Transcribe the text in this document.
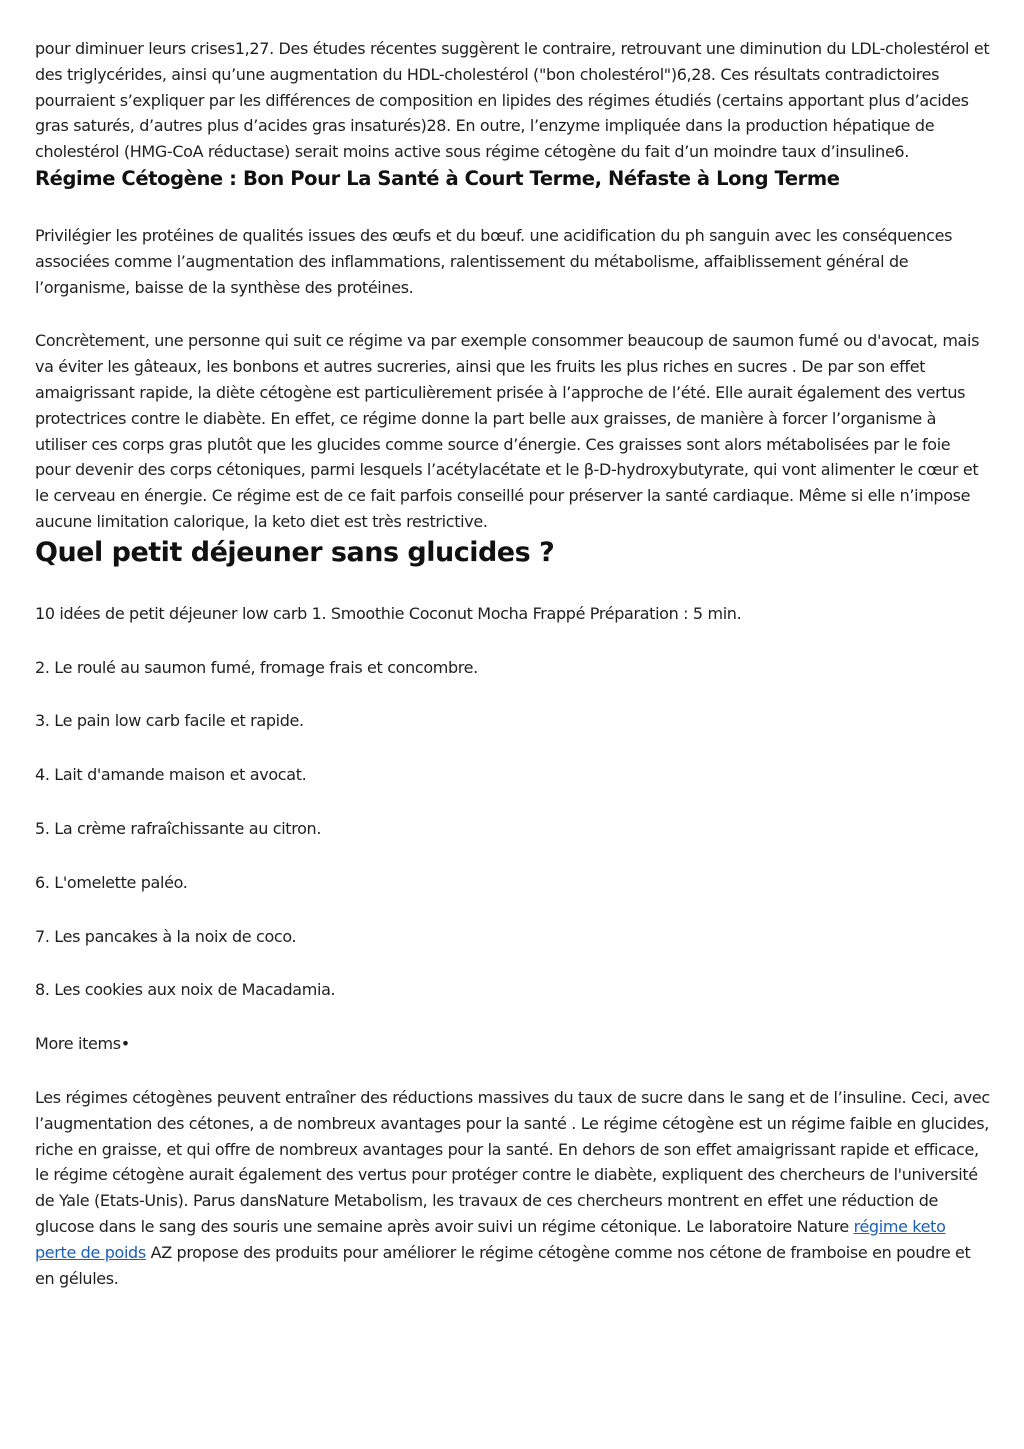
pour diminuer leurs crises1,27. Des études récentes suggèrent le contraire, retrouvant une diminution du LDL-cholestérol et des triglycérides, ainsi qu’une augmentation du HDL-cholestérol ("bon cholestérol")6,28. Ces résultats contradictoires pourraient s’expliquer par les différences de composition en lipides des régimes étudiés (certains apportant plus d’acides gras saturés, d’autres plus d’acides gras insaturés)28. En outre, l’enzyme impliquée dans la production hépatique de cholestérol (HMG-CoA réductase) serait moins active sous régime cétogène du fait d’un moindre taux d’insuline6.

Régime Cétogène : Bon Pour La Santé à Court Terme, Néfaste à Long Terme

Privilégier les protéines de qualités issues des œufs et du bœuf. une acidification du ph sanguin avec les conséquences associées comme l’augmentation des inflammations, ralentissement du métabolisme, affaiblissement général de l’organisme, baisse de la synthèse des protéines.

Concrètement, une personne qui suit ce régime va par exemple consommer beaucoup de saumon fumé ou d'avocat, mais va éviter les gâteaux, les bonbons et autres sucreries, ainsi que les fruits les plus riches en sucres . De par son effet amaigrissant rapide, la diète cétogène est particulièrement prisée à l’approche de l’été. Elle aurait également des vertus protectrices contre le diabète. En effet, ce régime donne la part belle aux graisses, de manière à forcer l’organisme à utiliser ces corps gras plutôt que les glucides comme source d’énergie. Ces graisses sont alors métabolisées par le foie pour devenir des corps cétoniques, parmi lesquels l’acétylacétate et le β-D-hydroxybutyrate, qui vont alimenter le cœur et le cerveau en énergie. Ce régime est de ce fait parfois conseillé pour préserver la santé cardiaque. Même si elle n’impose aucune limitation calorique, la keto diet est très restrictive.

Quel petit déjeuner sans glucides ?

10 idées de petit déjeuner low carb 1. Smoothie Coconut Mocha Frappé Préparation : 5 min.

2. Le roulé au saumon fumé, fromage frais et concombre.

3. Le pain low carb facile et rapide.

4. Lait d'amande maison et avocat.

5. La crème rafraîchissante au citron.

6. L'omelette paléo.

7. Les pancakes à la noix de coco.

8. Les cookies aux noix de Macadamia.

More items•

Les régimes cétogènes peuvent entraîner des réductions massives du taux de sucre dans le sang et de l’insuline. Ceci, avec l’augmentation des cétones, a de nombreux avantages pour la santé . Le régime cétogène est un régime faible en glucides, riche en graisse, et qui offre de nombreux avantages pour la santé. En dehors de son effet amaigrissant rapide et efficace, le régime cétogène aurait également des vertus pour protéger contre le diabète, expliquent des chercheurs de l'université de Yale (Etats-Unis). Parus dansNature Metabolism, les travaux de ces chercheurs montrent en effet une réduction de glucose dans le sang des souris une semaine après avoir suivi un régime cétonique. Le laboratoire Nature régime keto perte de poids AZ propose des produits pour améliorer le régime cétogène comme nos cétone de framboise en poudre et en gélules.
